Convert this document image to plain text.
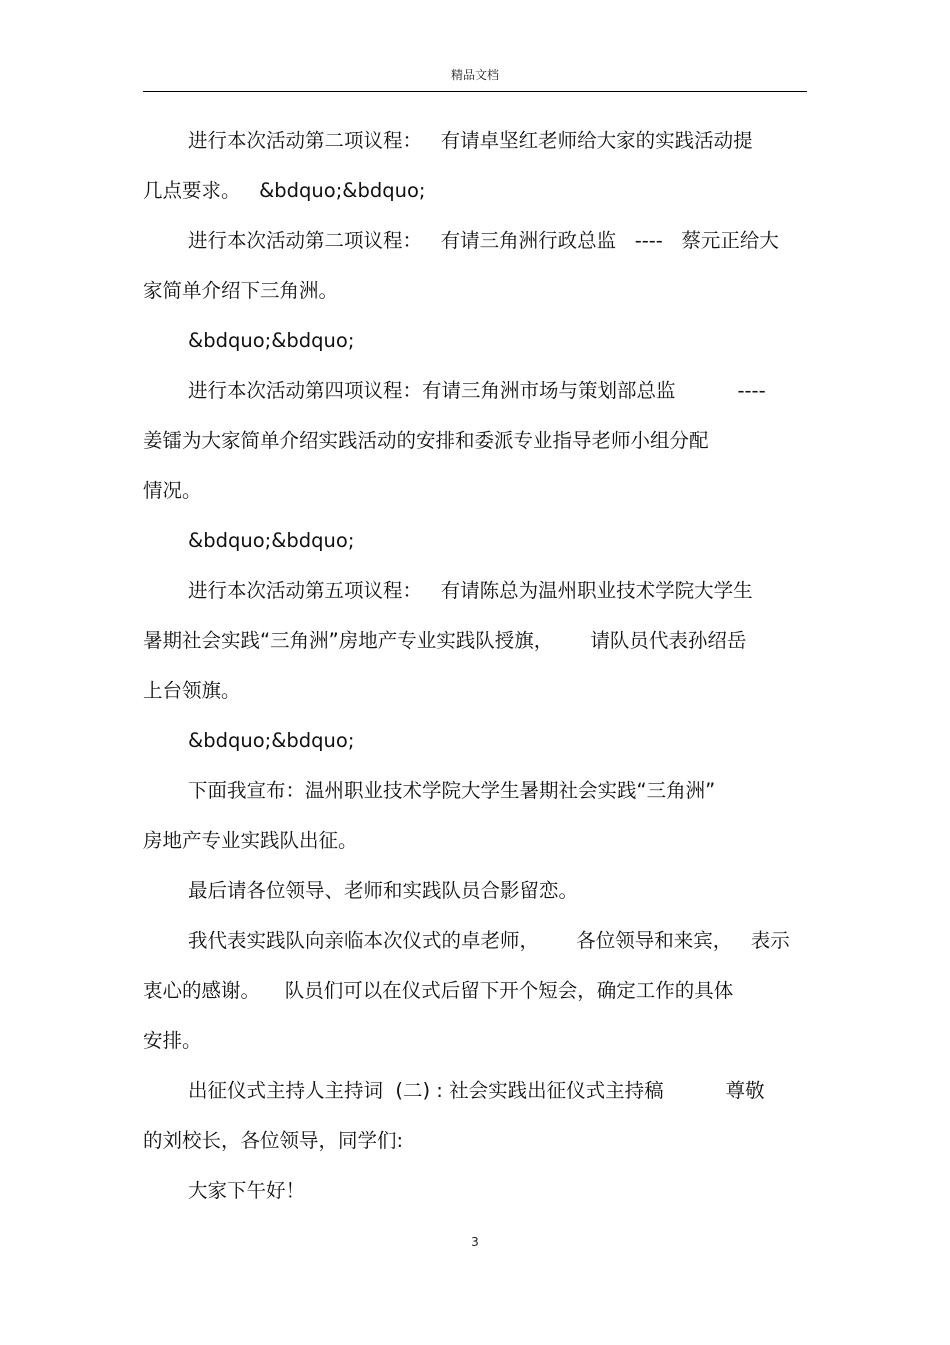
精品文档
进行本次活动第二项议程：   有请卓坚红老师给大家的实践活动提
几点要求。   &bdquo;&bdquo;
进行本次活动第二项议程：   有请三角洲行政总监   ----   蔡元正给大
家简单介绍下三角洲。
&bdquo;&bdquo;
进行本次活动第四项议程：有请三角洲市场与策划部总监          ----
姜镭为大家简单介绍实践活动的安排和委派专业指导老师小组分配
情况。
&bdquo;&bdquo;
进行本次活动第五项议程：   有请陈总为温州职业技术学院大学生
暑期社会实践“三角洲”房地产专业实践队授旗，      请队员代表孙绍岳
上台领旗。
&bdquo;&bdquo;
下面我宣布：温州职业技术学院大学生暑期社会实践“三角洲”
房地产专业实践队出征。
最后请各位领导、老师和实践队员合影留恋。
我代表实践队向亲临本次仪式的卓老师，      各位领导和来宾，   表示
衷心的感谢。    队员们可以在仪式后留下开个短会，确定工作的具体
安排。
出征仪式主持人主持词  (二) : 社会实践出征仪式主持稿          尊敬
的刘校长，各位领导，同学们:
大家下午好！
3
